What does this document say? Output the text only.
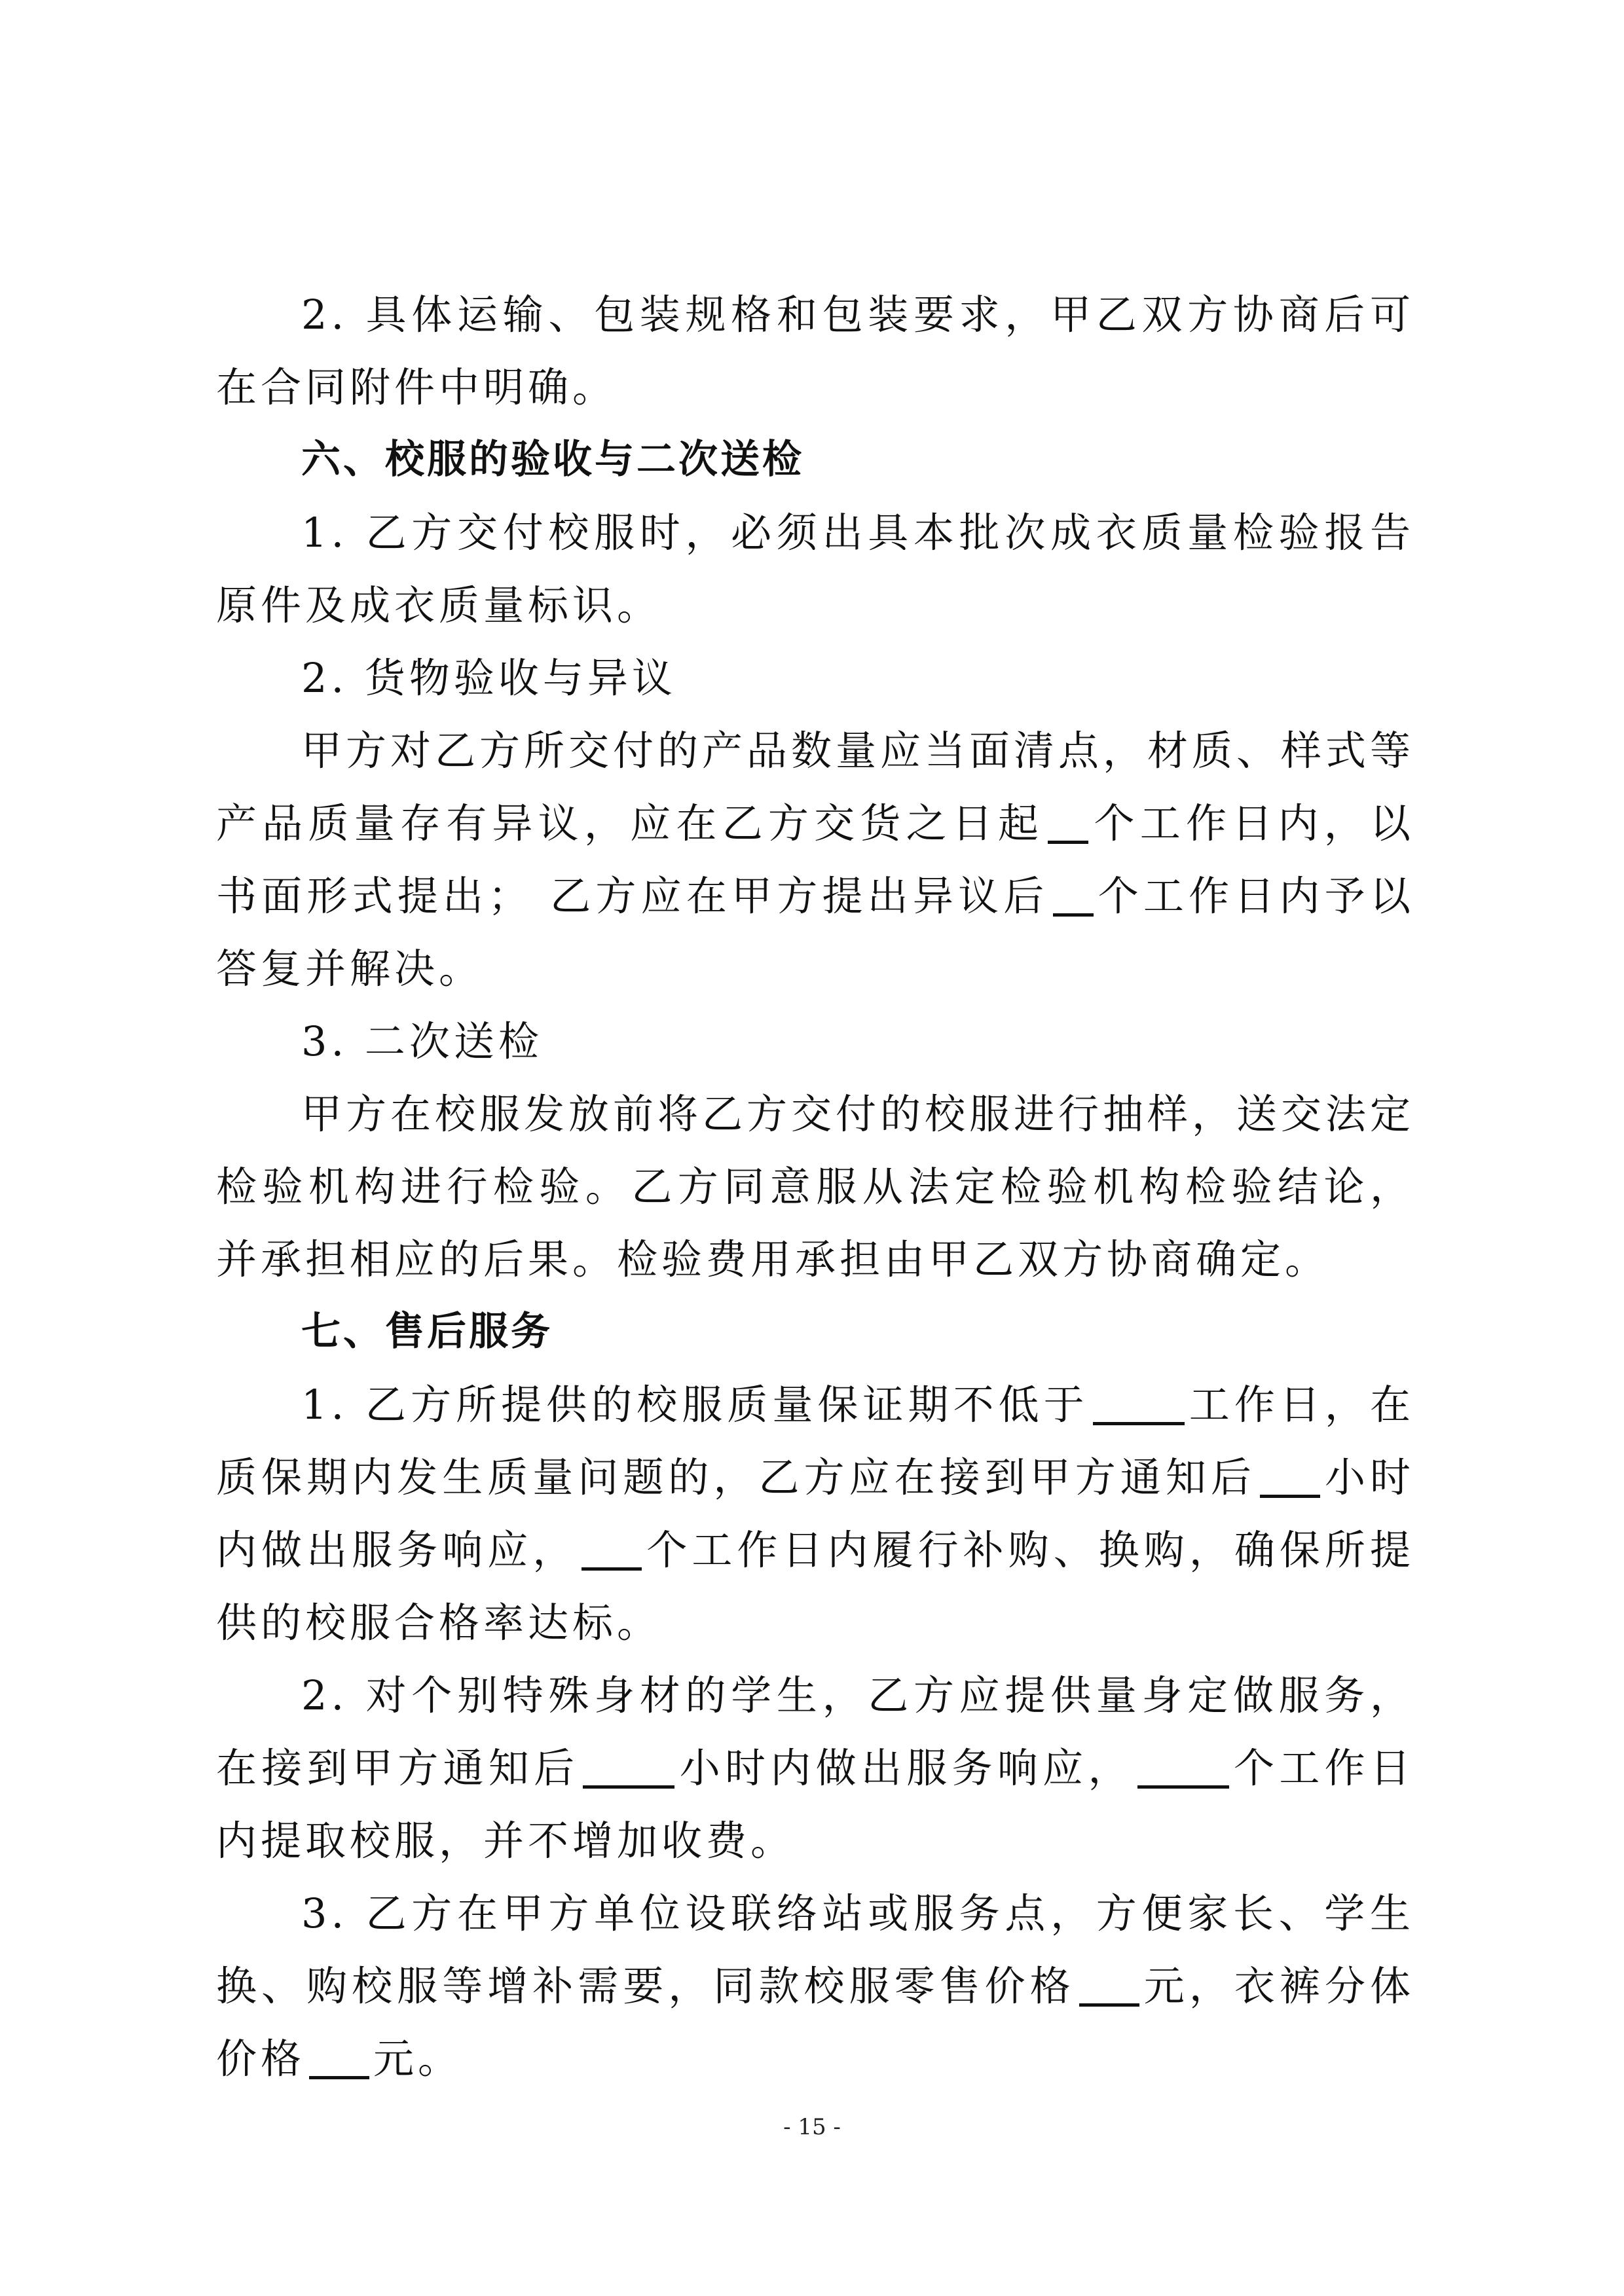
2. 具体运输、包装规格和包装要求，甲乙双方协商后可在合同附件中明确。

六、校服的验收与二次送检

1. 乙方交付校服时，必须出具本批次成衣质量检验报告原件及成衣质量标识。

2. 货物验收与异议

甲方对乙方所交付的产品数量应当面清点，材质、样式等产品质量存有异议，应在乙方交货之日起 个工作日内，以书面形式提出； 乙方应在甲方提出异议后 个工作日内予以答复并解决。

3. 二次送检

甲方在校服发放前将乙方交付的校服进行抽样，送交法定检验机构进行检验。乙方同意服从法定检验机构检验结论，并承担相应的后果。检验费用承担由甲乙双方协商确定。

七、售后服务

1. 乙方所提供的校服质量保证期不低于 工作日，在质保期内发生质量问题的，乙方应在接到甲方通知后 小时内做出服务响应， 个工作日内履行补购、换购，确保所提供的校服合格率达标。

2. 对个别特殊身材的学生，乙方应提供量身定做服务，在接到甲方通知后 小时内做出服务响应， 个工作日内提取校服，并不增加收费。

3. 乙方在甲方单位设联络站或服务点，方便家长、学生换、购校服等增补需要，同款校服零售价格 元，衣裤分体价格 元。

- 15 -
